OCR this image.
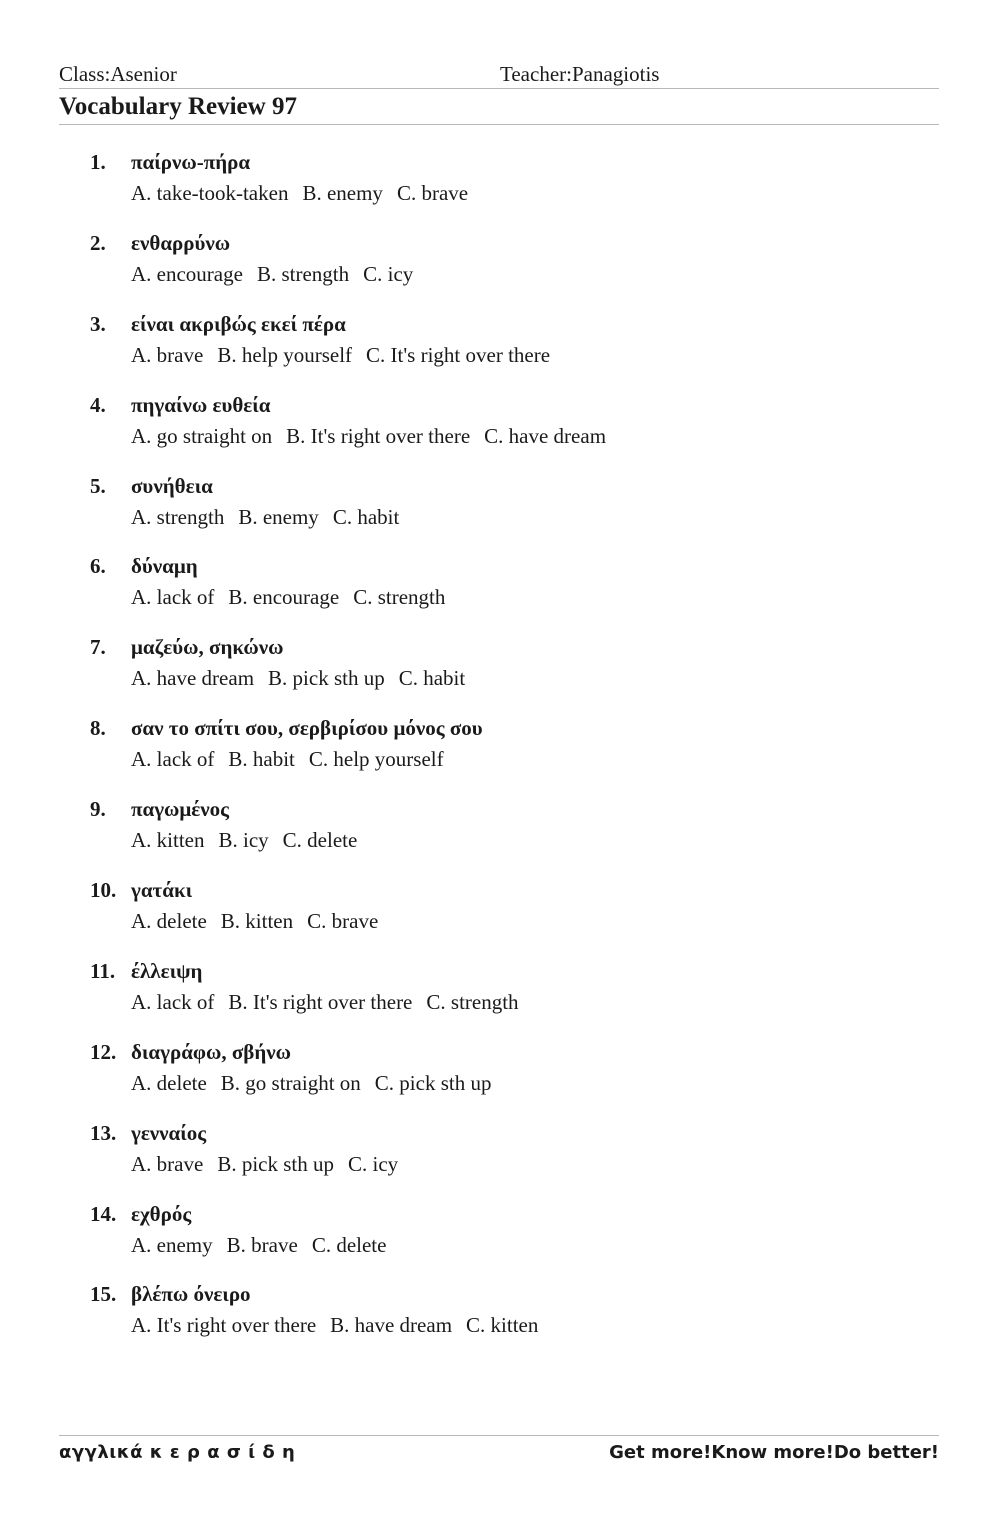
Class:Asenior	Teacher:Panagiotis
Vocabulary Review 97
1. παίρνω-πήρα
A. take-took-taken B. enemy C. brave
2. ενθαρρύνω
A. encourage B. strength C. icy
3. είναι ακριβώς εκεί πέρα
A. brave B. help yourself C. It's right over there
4. πηγαίνω ευθεία
A. go straight on B. It's right over there C. have dream
5. συνήθεια
A. strength B. enemy C. habit
6. δύναμη
A. lack of B. encourage C. strength
7. μαζεύω, σηκώνω
A. have dream B. pick sth up C. habit
8. σαν το σπίτι σου, σερβιρίσου μόνος σου
A. lack of B. habit C. help yourself
9. παγωμένος
A. kitten B. icy C. delete
10. γατάκι
A. delete B. kitten C. brave
11. έλλειψη
A. lack of B. It's right over there C. strength
12. διαγράφω, σβήνω
A. delete B. go straight on C. pick sth up
13. γενναίος
A. brave B. pick sth up C. icy
14. εχθρός
A. enemy B. brave C. delete
15. βλέπω όνειρο
A. It's right over there B. have dream C. kitten
αγγλικά κ ε ρ α σ ί δ η	Get more!Know more!Do better!
